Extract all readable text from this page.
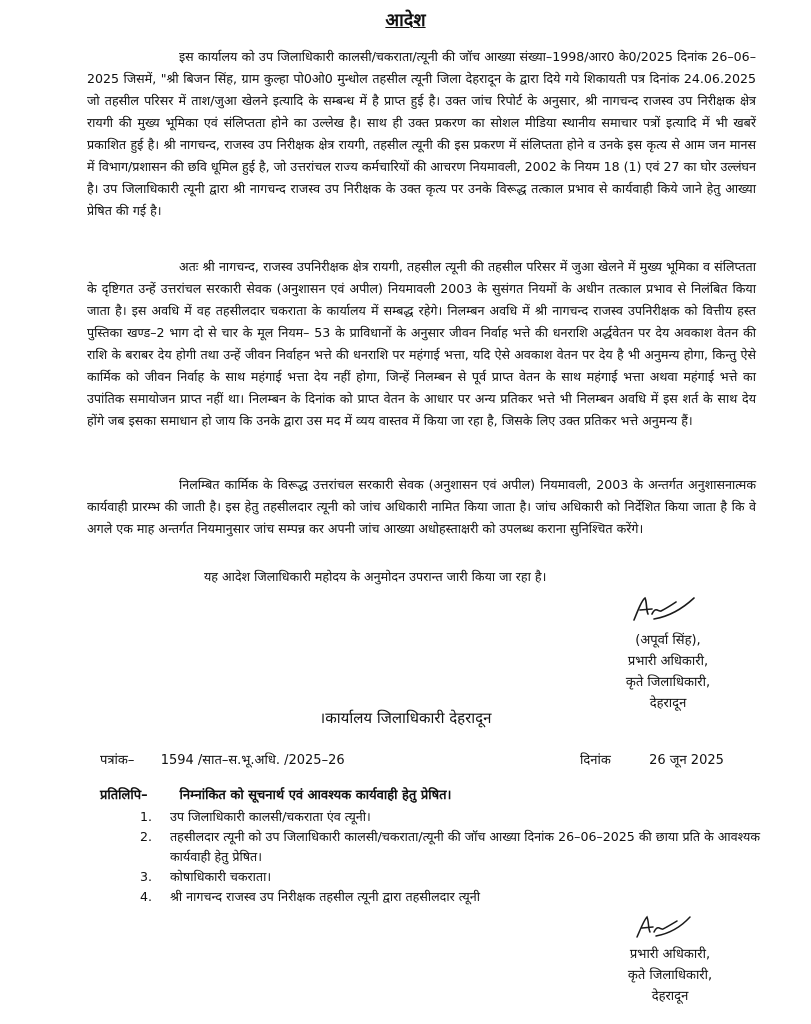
आदेश

इस कार्यालय को उप जिलाधिकारी कालसी/चकराता/त्यूनी की जॉच आख्या संख्या–1998/आर0 के0/2025 दिनांक 26–06–2025 जिसमें, "श्री बिजन सिंह, ग्राम कुल्हा पो0ओ0 मुन्धोल तहसील त्यूनी जिला देहरादून के द्वारा दिये गये शिकायती पत्र दिनांक 24.06.2025 जो तहसील परिसर में ताश/जुआ खेलने इत्यादि के सम्बन्ध में है प्राप्त हुई है। उक्त जांच रिपोर्ट के अनुसार, श्री नागचन्द राजस्व उप निरीक्षक क्षेत्र रायगी की मुख्य भूमिका एवं संलिप्तता होने का उल्लेख है। साथ ही उक्त प्रकरण का सोशल मीडिया स्थानीय समाचार पत्रों इत्यादि में भी खबरें प्रकाशित हुई है। श्री नागचन्द, राजस्व उप निरीक्षक क्षेत्र रायगी, तहसील त्यूनी की इस प्रकरण में संलिप्तता होने व उनके इस कृत्य से आम जन मानस में विभाग/प्रशासन की छवि धूमिल हुई है, जो उत्तरांचल राज्य कर्मचारियों की आचरण नियमावली, 2002 के नियम 18 (1) एवं 27 का घोर उल्लंघन है। उप जिलाधिकारी त्यूनी द्वारा श्री नागचन्द राजस्व उप निरीक्षक के उक्त कृत्य पर उनके विरूद्ध तत्काल प्रभाव से कार्यवाही किये जाने हेतु आख्या प्रेषित की गई है।

अतः श्री नागचन्द, राजस्व उपनिरीक्षक क्षेत्र रायगी, तहसील त्यूनी की तहसील परिसर में जुआ खेलने में मुख्य भूमिका व संलिप्तता के दृष्टिगत उन्हें उत्तरांचल सरकारी सेवक (अनुशासन एवं अपील) नियमावली 2003 के सुसंगत नियमों के अधीन तत्काल प्रभाव से निलंबित किया जाता है। इस अवधि में वह तहसीलदार चकराता के कार्यालय में सम्बद्ध रहेगे। निलम्बन अवधि में श्री नागचन्द राजस्व उपनिरीक्षक को वित्तीय हस्त पुस्तिका खण्ड–2 भाग दो से चार के मूल नियम– 53 के प्राविधानों के अनुसार जीवन निर्वाह भत्ते की धनराशि अर्द्धवेतन पर देय अवकाश वेतन की राशि के बराबर देय होगी तथा उन्हें जीवन निर्वाहन भत्ते की धनराशि पर महंगाई भत्ता, यदि ऐसे अवकाश वेतन पर देय है भी अनुमन्य होगा, किन्तु ऐसे कार्मिक को जीवन निर्वाह के साथ महंगाई भत्ता देय नहीं होगा, जिन्हें निलम्बन से पूर्व प्राप्त वेतन के साथ महंगाई भत्ता अथवा महंगाई भत्ते का उपांतिक समायोजन प्राप्त नहीं था। निलम्बन के दिनांक को प्राप्त वेतन के आधार पर अन्य प्रतिकर भत्ते भी निलम्बन अवधि में इस शर्त के साथ देय होंगे जब इसका समाधान हो जाय कि उनके द्वारा उस मद में व्यय वास्तव में किया जा रहा है, जिसके लिए उक्त प्रतिकर भत्ते अनुमन्य हैं।

निलम्बित कार्मिक के विरूद्ध उत्तरांचल सरकारी सेवक (अनुशासन एवं अपील) नियमावली, 2003 के अन्तर्गत अनुशासनात्मक कार्यवाही प्रारम्भ की जाती है। इस हेतु तहसीलदार त्यूनी को जांच अधिकारी नामित किया जाता है। जांच अधिकारी को निर्देशित किया जाता है कि वे अगले एक माह अन्तर्गत नियमानुसार जांच सम्पन्न कर अपनी जांच आख्या अधोहस्ताक्षरी को उपलब्ध कराना सुनिश्चित करेंगे।

यह आदेश जिलाधिकारी महोदय के अनुमोदन उपरान्त जारी किया जा रहा है।

(अपूर्वा सिंह),
प्रभारी अधिकारी,
कृते जिलाधिकारी,
देहरादून
।कार्यालय जिलाधिकारी देहरादून
पत्रांक– 1594 /सात–स.भू.अधि. /2025–26	दिनांक	26 जून 2025
प्रतिलिपि– निम्नांकित को सूचनार्थ एवं आवश्यक कार्यवाही हेतु प्रेषित।
1. उप जिलाधिकारी कालसी/चकराता एंव त्यूनी।
2. तहसीलदार त्यूनी को उप जिलाधिकारी कालसी/चकराता/त्यूनी की जॉच आख्या दिनांक 26–06–2025 की छाया प्रति के आवश्यक कार्यवाही हेतु प्रेषित।
3. कोषाधिकारी चकराता।
4. श्री नागचन्द राजस्व उप निरीक्षक तहसील त्यूनी द्वारा तहसीलदार त्यूनी
प्रभारी अधिकारी,
कृते जिलाधिकारी,
देहरादून
